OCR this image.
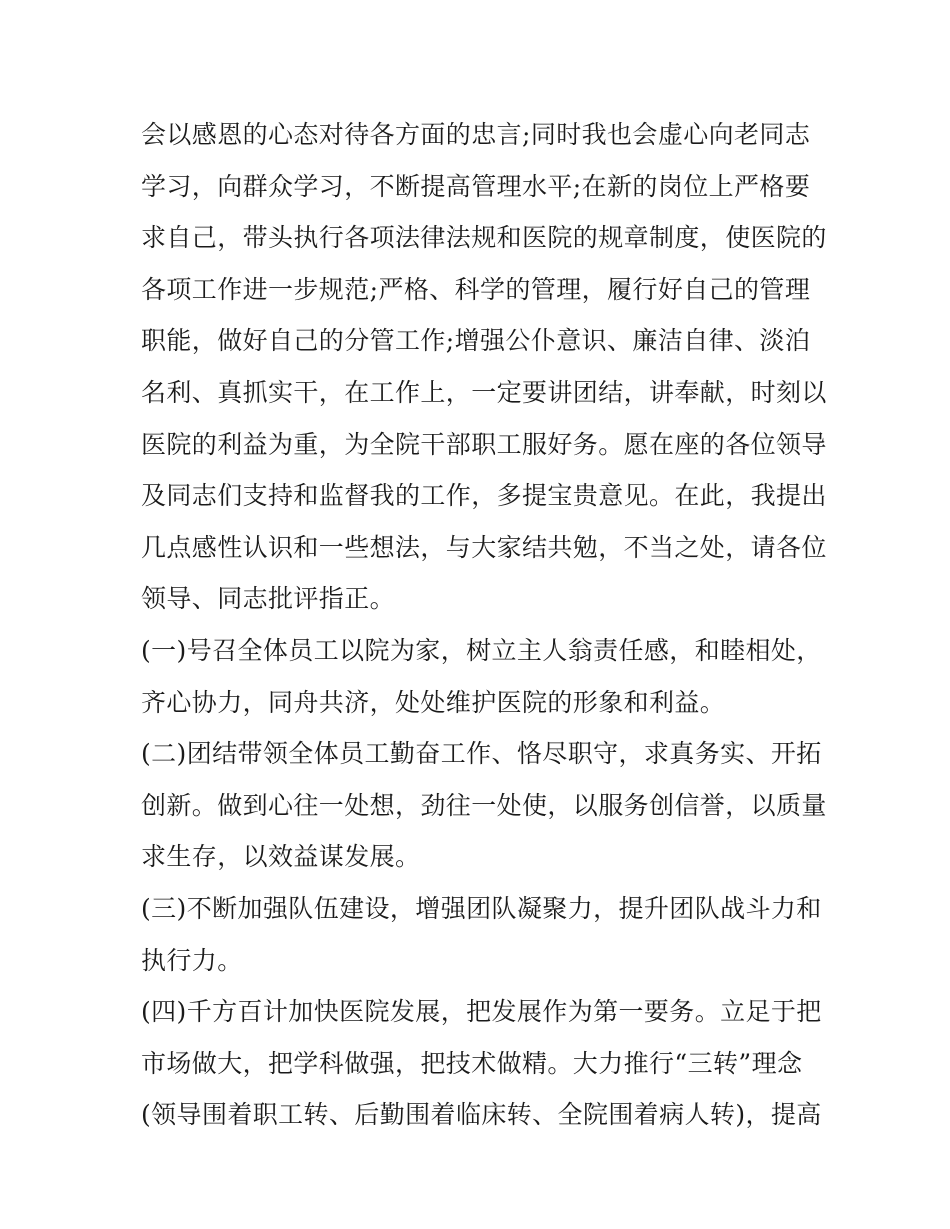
会以感恩的心态对待各方面的忠言;同时我也会虚心向老同志
学习，向群众学习，不断提高管理水平;在新的岗位上严格要
求自己，带头执行各项法律法规和医院的规章制度，使医院的
各项工作进一步规范;严格、科学的管理，履行好自己的管理
职能，做好自己的分管工作;增强公仆意识、廉洁自律、淡泊
名利、真抓实干，在工作上，一定要讲团结，讲奉献，时刻以
医院的利益为重，为全院干部职工服好务。愿在座的各位领导
及同志们支持和监督我的工作，多提宝贵意见。在此，我提出
几点感性认识和一些想法，与大家结共勉，不当之处，请各位
领导、同志批评指正。
(一)号召全体员工以院为家，树立主人翁责任感，和睦相处，
齐心协力，同舟共济，处处维护医院的形象和利益。
(二)团结带领全体员工勤奋工作、恪尽职守，求真务实、开拓
创新。做到心往一处想，劲往一处使，以服务创信誉，以质量
求生存，以效益谋发展。
(三)不断加强队伍建设，增强团队凝聚力，提升团队战斗力和
执行力。
(四)千方百计加快医院发展，把发展作为第一要务。立足于把
市场做大，把学科做强，把技术做精。大力推行“三转”理念
(领导围着职工转、后勤围着临床转、全院围着病人转)，提高
